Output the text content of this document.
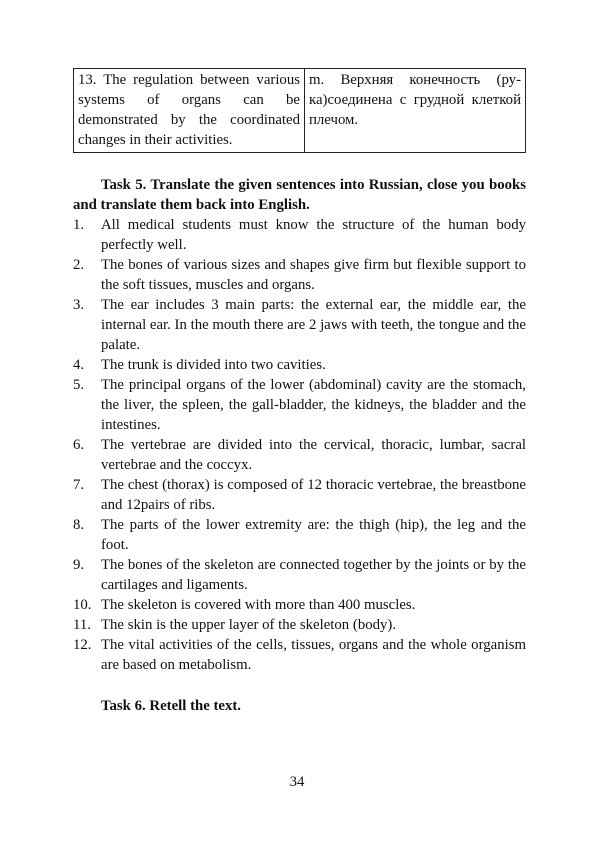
13. The regulation between various systems of organs can be demonstrated by the coordinated changes in their activities.	m. Верхняя конечность (рука)соединена с грудной клеткой плечом.

Task 5. Translate the given sentences into Russian, close you books and translate them back into English.

1. All medical students must know the structure of the human body perfectly well.
2. The bones of various sizes and shapes give firm but flexible support to the soft tissues, muscles and organs.
3. The ear includes 3 main parts: the external ear, the middle ear, the internal ear. In the mouth there are 2 jaws with teeth, the tongue and the palate.
4. The trunk is divided into two cavities.
5. The principal organs of the lower (abdominal) cavity are the stomach, the liver, the spleen, the gall-bladder, the kidneys, the bladder and the intestines.
6. The vertebrae are divided into the cervical, thoracic, lumbar, sacral vertebrae and the coccyx.
7. The chest (thorax) is composed of 12 thoracic vertebrae, the breastbone and 12pairs of ribs.
8. The parts of the lower extremity are: the thigh (hip), the leg and the foot.
9. The bones of the skeleton are connected together by the joints or by the cartilages and ligaments.
10. The skeleton is covered with more than 400 muscles.
11. The skin is the upper layer of the skeleton (body).
12. The vital activities of the cells, tissues, organs and the whole organism are based on metabolism.

Task 6. Retell the text.

34
